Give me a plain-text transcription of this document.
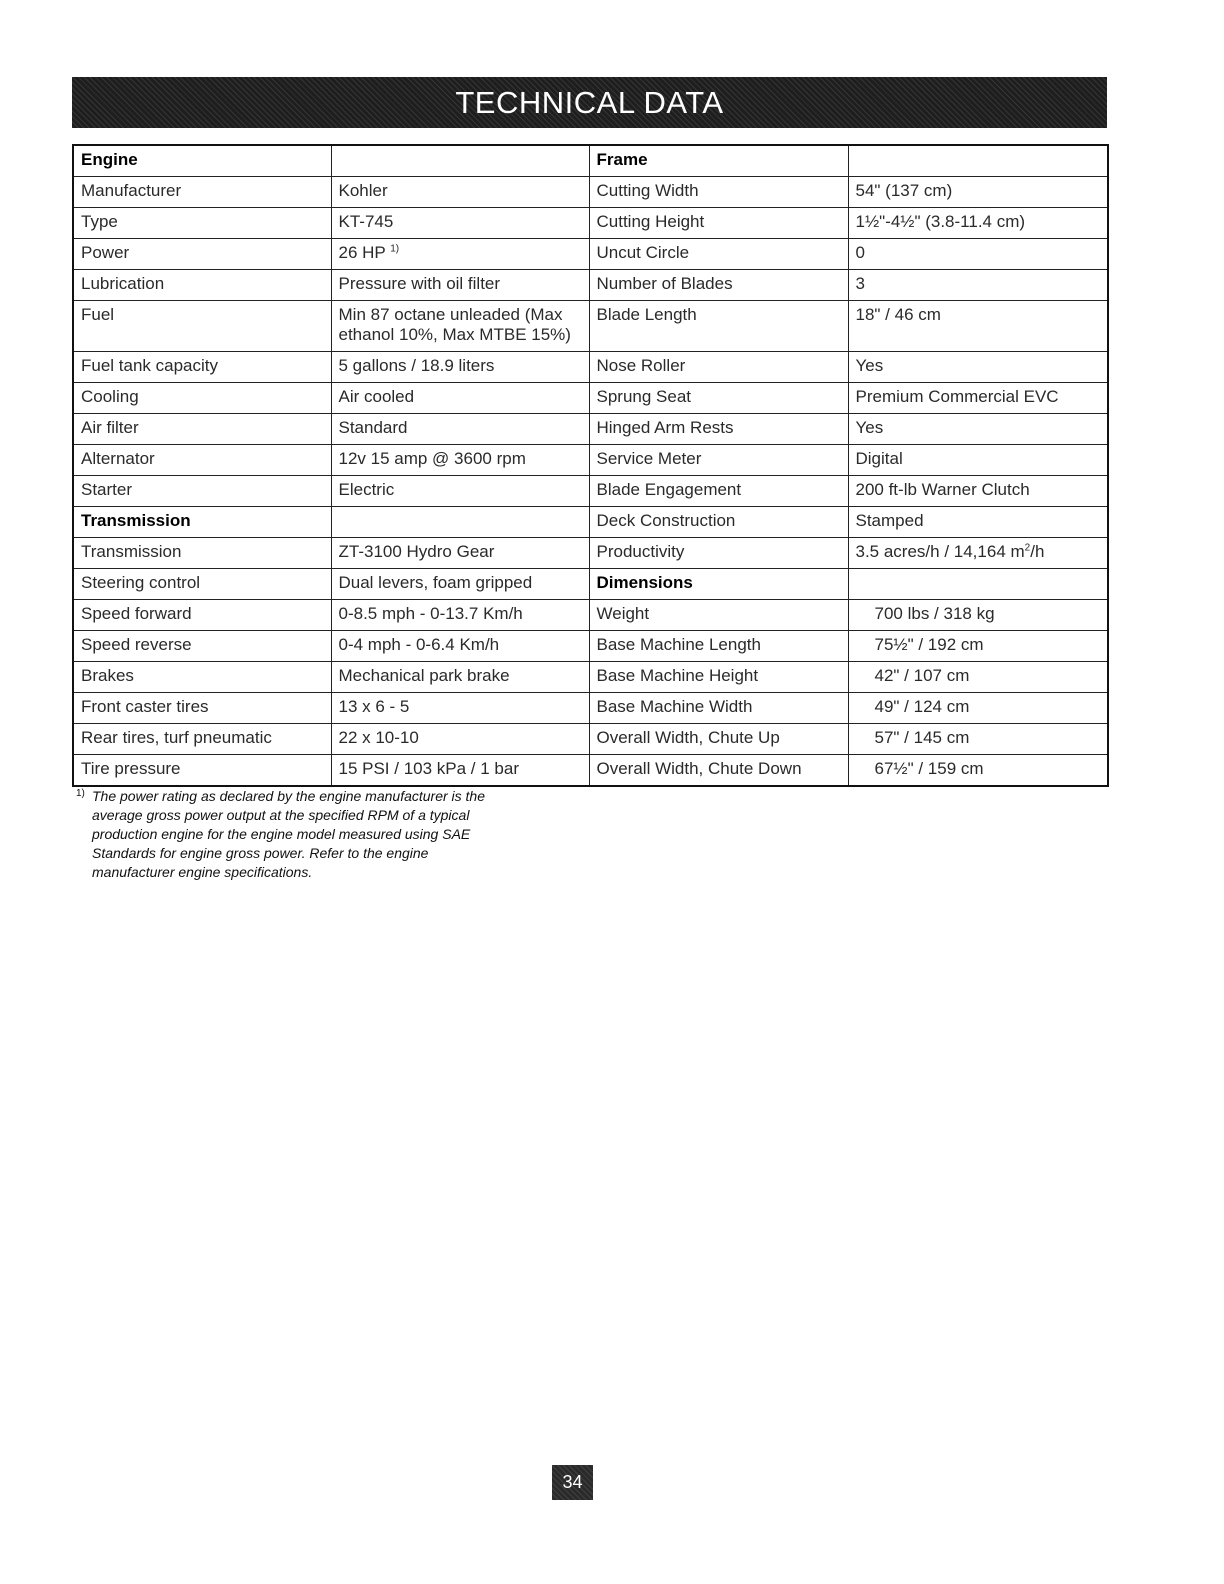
TECHNICAL DATA
Engine		Frame	
Manufacturer	Kohler	Cutting Width	54" (137 cm)
Type	KT-745	Cutting Height	1½"-4½" (3.8-11.4 cm)
Power	26 HP $^{1)}$	Uncut Circle	0
Lubrication	Pressure with oil filter	Number of Blades	3
Fuel	Min 87 octane unleaded (Max ethanol 10%, Max MTBE 15%)	Blade Length	18" / 46 cm
Fuel tank capacity	5 gallons / 18.9 liters	Nose Roller	Yes
Cooling	Air cooled	Sprung Seat	Premium Commercial EVC
Air filter	Standard	Hinged Arm Rests	Yes
Alternator	12v 15 amp @ 3600 rpm	Service Meter	Digital
Starter	Electric	Blade Engagement	200 ft-lb Warner Clutch
Transmission		Deck Construction	Stamped
Transmission	ZT-3100 Hydro Gear	Productivity	3.5 acres/h / 14,164 $m^2/h$
Steering control	Dual levers, foam gripped	Dimensions	
Speed forward	0-8.5 mph - 0-13.7 Km/h	Weight	700 lbs / 318 kg
Speed reverse	0-4 mph - 0-6.4 Km/h	Base Machine Length	75½" / 192 cm
Brakes	Mechanical park brake	Base Machine Height	42" / 107 cm
Front caster tires	13 x 6 - 5	Base Machine Width	49" / 124 cm
Rear tires, turf pneumatic	22 x 10-10	Overall Width, Chute Up	57" / 145 cm
Tire pressure	15 PSI / 103 kPa / 1 bar	Overall Width, Chute Down	67½" / 159 cm
1) The power rating as declared by the engine manufacturer is the average gross power output at the specified RPM of a typical production engine for the engine model measured using SAE Standards for engine gross power. Refer to the engine manufacturer engine specifications.
34
